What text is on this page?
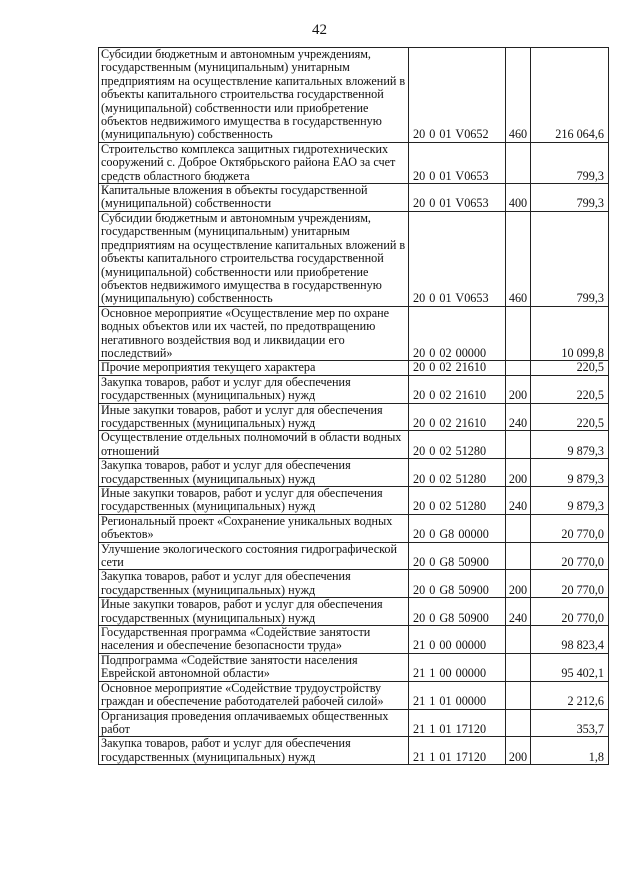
42
Субсидии бюджетным и автономным учреждениям, государственным (муниципальным) унитарным предприятиям на осуществление капитальных вложений в объекты капитального строительства государственной (муниципальной) собственности или приобретение объектов недвижимого имущества в государственную (муниципальную) собственность	20 0 01 V0652	460	216 064,6
Строительство комплекса защитных гидротехнических сооружений с. Доброе Октябрьского района ЕАО за счет средств областного бюджета	20 0 01 V0653		799,3
Капитальные вложения в объекты государственной (муниципальной) собственности	20 0 01 V0653	400	799,3
Субсидии бюджетным и автономным учреждениям, государственным (муниципальным) унитарным предприятиям на осуществление капитальных вложений в объекты капитального строительства государственной (муниципальной) собственности или приобретение объектов недвижимого имущества в государственную (муниципальную) собственность	20 0 01 V0653	460	799,3
Основное мероприятие «Осуществление мер по охране водных объектов или их частей, по предотвращению негативного воздействия вод и ликвидации его последствий»	20 0 02 00000		10 099,8
Прочие мероприятия текущего характера	20 0 02 21610		220,5
Закупка товаров, работ и услуг для обеспечения государственных (муниципальных) нужд	20 0 02 21610	200	220,5
Иные закупки товаров, работ и услуг для обеспечения государственных (муниципальных) нужд	20 0 02 21610	240	220,5
Осуществление отдельных полномочий в области водных отношений	20 0 02 51280		9 879,3
Закупка товаров, работ и услуг для обеспечения государственных (муниципальных) нужд	20 0 02 51280	200	9 879,3
Иные закупки товаров, работ и услуг для обеспечения государственных (муниципальных) нужд	20 0 02 51280	240	9 879,3
Региональный проект «Сохранение уникальных водных объектов»	20 0 G8 00000		20 770,0
Улучшение экологического состояния гидрографической сети	20 0 G8 50900		20 770,0
Закупка товаров, работ и услуг для обеспечения государственных (муниципальных) нужд	20 0 G8 50900	200	20 770,0
Иные закупки товаров, работ и услуг для обеспечения государственных (муниципальных) нужд	20 0 G8 50900	240	20 770,0
Государственная программа «Содействие занятости населения и обеспечение безопасности труда»	21 0 00 00000		98 823,4
Подпрограмма «Содействие занятости населения Еврейской автономной области»	21 1 00 00000		95 402,1
Основное мероприятие «Содействие трудоустройству граждан и обеспечение работодателей рабочей силой»	21 1 01 00000		2 212,6
Организация проведения оплачиваемых общественных работ	21 1 01 17120		353,7
Закупка товаров, работ и услуг для обеспечения государственных (муниципальных) нужд	21 1 01 17120	200	1,8
